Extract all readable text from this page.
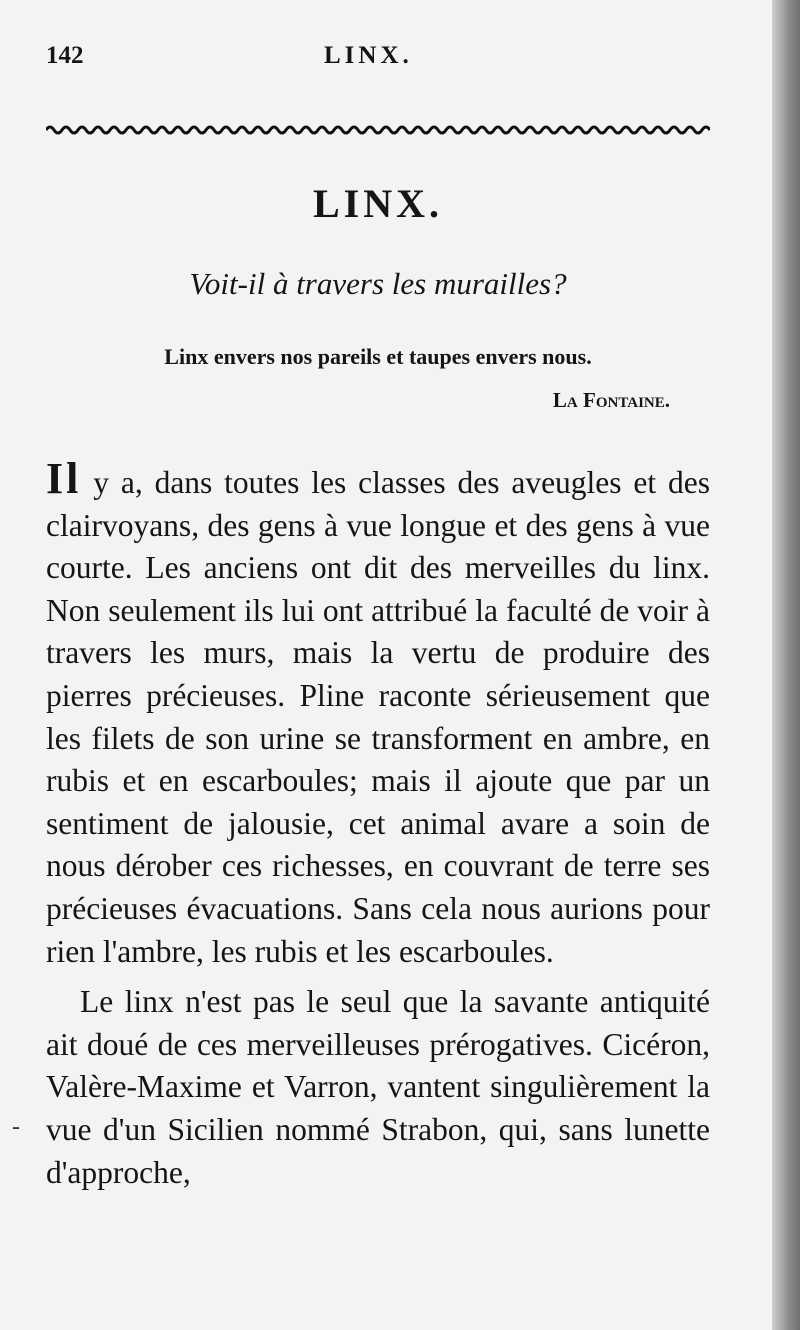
142	LINX.
LINX.
Voit-il à travers les murailles?
Linx envers nos pareils et taupes envers nous.
La Fontaine.

Il y a, dans toutes les classes des aveugles et des clairvoyans, des gens à vue longue et des gens à vue courte. Les anciens ont dit des merveilles du linx. Non seulement ils lui ont attribué la faculté de voir à travers les murs, mais la vertu de produire des pierres précieuses. Pline raconte sérieusement que les filets de son urine se transforment en ambre, en rubis et en escarboules; mais il ajoute que par un sentiment de jalousie, cet animal avare a soin de nous dérober ces richesses, en couvrant de terre ses précieuses évacuations. Sans cela nous aurions pour rien l'ambre, les rubis et les escarboules.

Le linx n'est pas le seul que la savante antiquité ait doué de ces merveilleuses prérogatives. Cicéron, Valère-Maxime et Varron, vantent singulièrement la vue d'un Sicilien nommé Strabon, qui, sans lunette d'approche,

-
